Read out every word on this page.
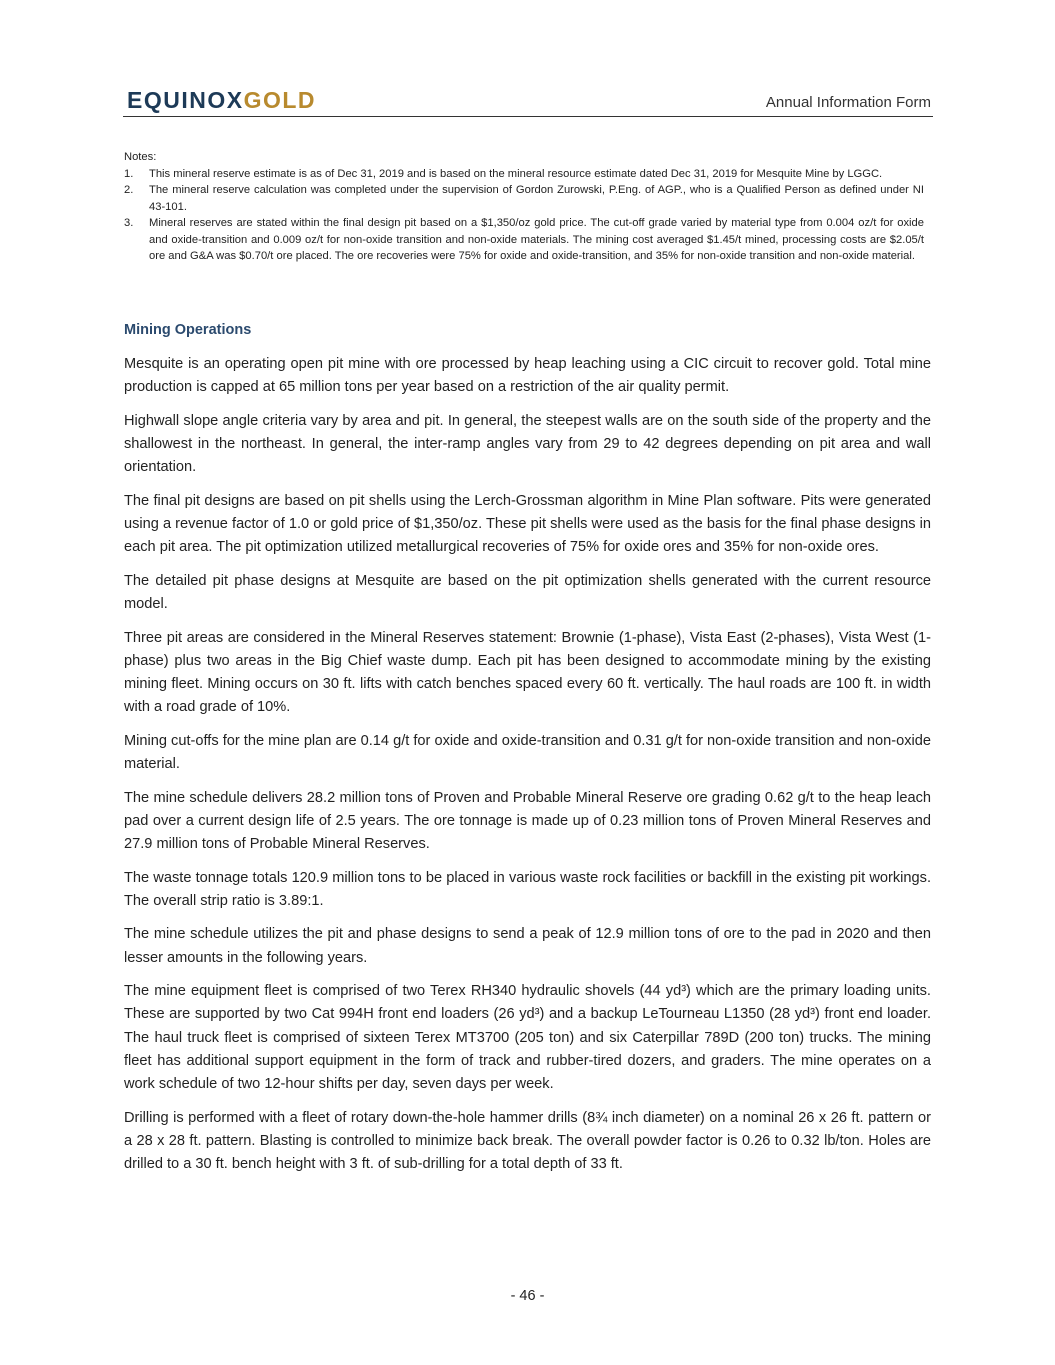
EQUINOXGOLD	Annual Information Form
Notes:
1. This mineral reserve estimate is as of Dec 31, 2019 and is based on the mineral resource estimate dated Dec 31, 2019 for Mesquite Mine by LGGC.
2. The mineral reserve calculation was completed under the supervision of Gordon Zurowski, P.Eng. of AGP., who is a Qualified Person as defined under NI 43-101.
3. Mineral reserves are stated within the final design pit based on a $1,350/oz gold price. The cut-off grade varied by material type from 0.004 oz/t for oxide and oxide-transition and 0.009 oz/t for non-oxide transition and non-oxide materials. The mining cost averaged $1.45/t mined, processing costs are $2.05/t ore and G&A was $0.70/t ore placed. The ore recoveries were 75% for oxide and oxide-transition, and 35% for non-oxide transition and non-oxide material.
Mining Operations

Mesquite is an operating open pit mine with ore processed by heap leaching using a CIC circuit to recover gold. Total mine production is capped at 65 million tons per year based on a restriction of the air quality permit.

Highwall slope angle criteria vary by area and pit. In general, the steepest walls are on the south side of the property and the shallowest in the northeast. In general, the inter-ramp angles vary from 29 to 42 degrees depending on pit area and wall orientation.

The final pit designs are based on pit shells using the Lerch-Grossman algorithm in Mine Plan software. Pits were generated using a revenue factor of 1.0 or gold price of $1,350/oz. These pit shells were used as the basis for the final phase designs in each pit area. The pit optimization utilized metallurgical recoveries of 75% for oxide ores and 35% for non-oxide ores.

The detailed pit phase designs at Mesquite are based on the pit optimization shells generated with the current resource model.

Three pit areas are considered in the Mineral Reserves statement: Brownie (1-phase), Vista East (2-phases), Vista West (1-phase) plus two areas in the Big Chief waste dump. Each pit has been designed to accommodate mining by the existing mining fleet. Mining occurs on 30 ft. lifts with catch benches spaced every 60 ft. vertically. The haul roads are 100 ft. in width with a road grade of 10%.

Mining cut-offs for the mine plan are 0.14 g/t for oxide and oxide-transition and 0.31 g/t for non-oxide transition and non-oxide material.

The mine schedule delivers 28.2 million tons of Proven and Probable Mineral Reserve ore grading 0.62 g/t to the heap leach pad over a current design life of 2.5 years. The ore tonnage is made up of 0.23 million tons of Proven Mineral Reserves and 27.9 million tons of Probable Mineral Reserves.

The waste tonnage totals 120.9 million tons to be placed in various waste rock facilities or backfill in the existing pit workings. The overall strip ratio is 3.89:1.

The mine schedule utilizes the pit and phase designs to send a peak of 12.9 million tons of ore to the pad in 2020 and then lesser amounts in the following years.

The mine equipment fleet is comprised of two Terex RH340 hydraulic shovels (44 yd³) which are the primary loading units. These are supported by two Cat 994H front end loaders (26 yd³) and a backup LeTourneau L1350 (28 yd³) front end loader. The haul truck fleet is comprised of sixteen Terex MT3700 (205 ton) and six Caterpillar 789D (200 ton) trucks. The mining fleet has additional support equipment in the form of track and rubber-tired dozers, and graders. The mine operates on a work schedule of two 12-hour shifts per day, seven days per week.

Drilling is performed with a fleet of rotary down-the-hole hammer drills (8¾ inch diameter) on a nominal 26 x 26 ft. pattern or a 28 x 28 ft. pattern. Blasting is controlled to minimize back break. The overall powder factor is 0.26 to 0.32 lb/ton. Holes are drilled to a 30 ft. bench height with 3 ft. of sub-drilling for a total depth of 33 ft.

- 46 -
